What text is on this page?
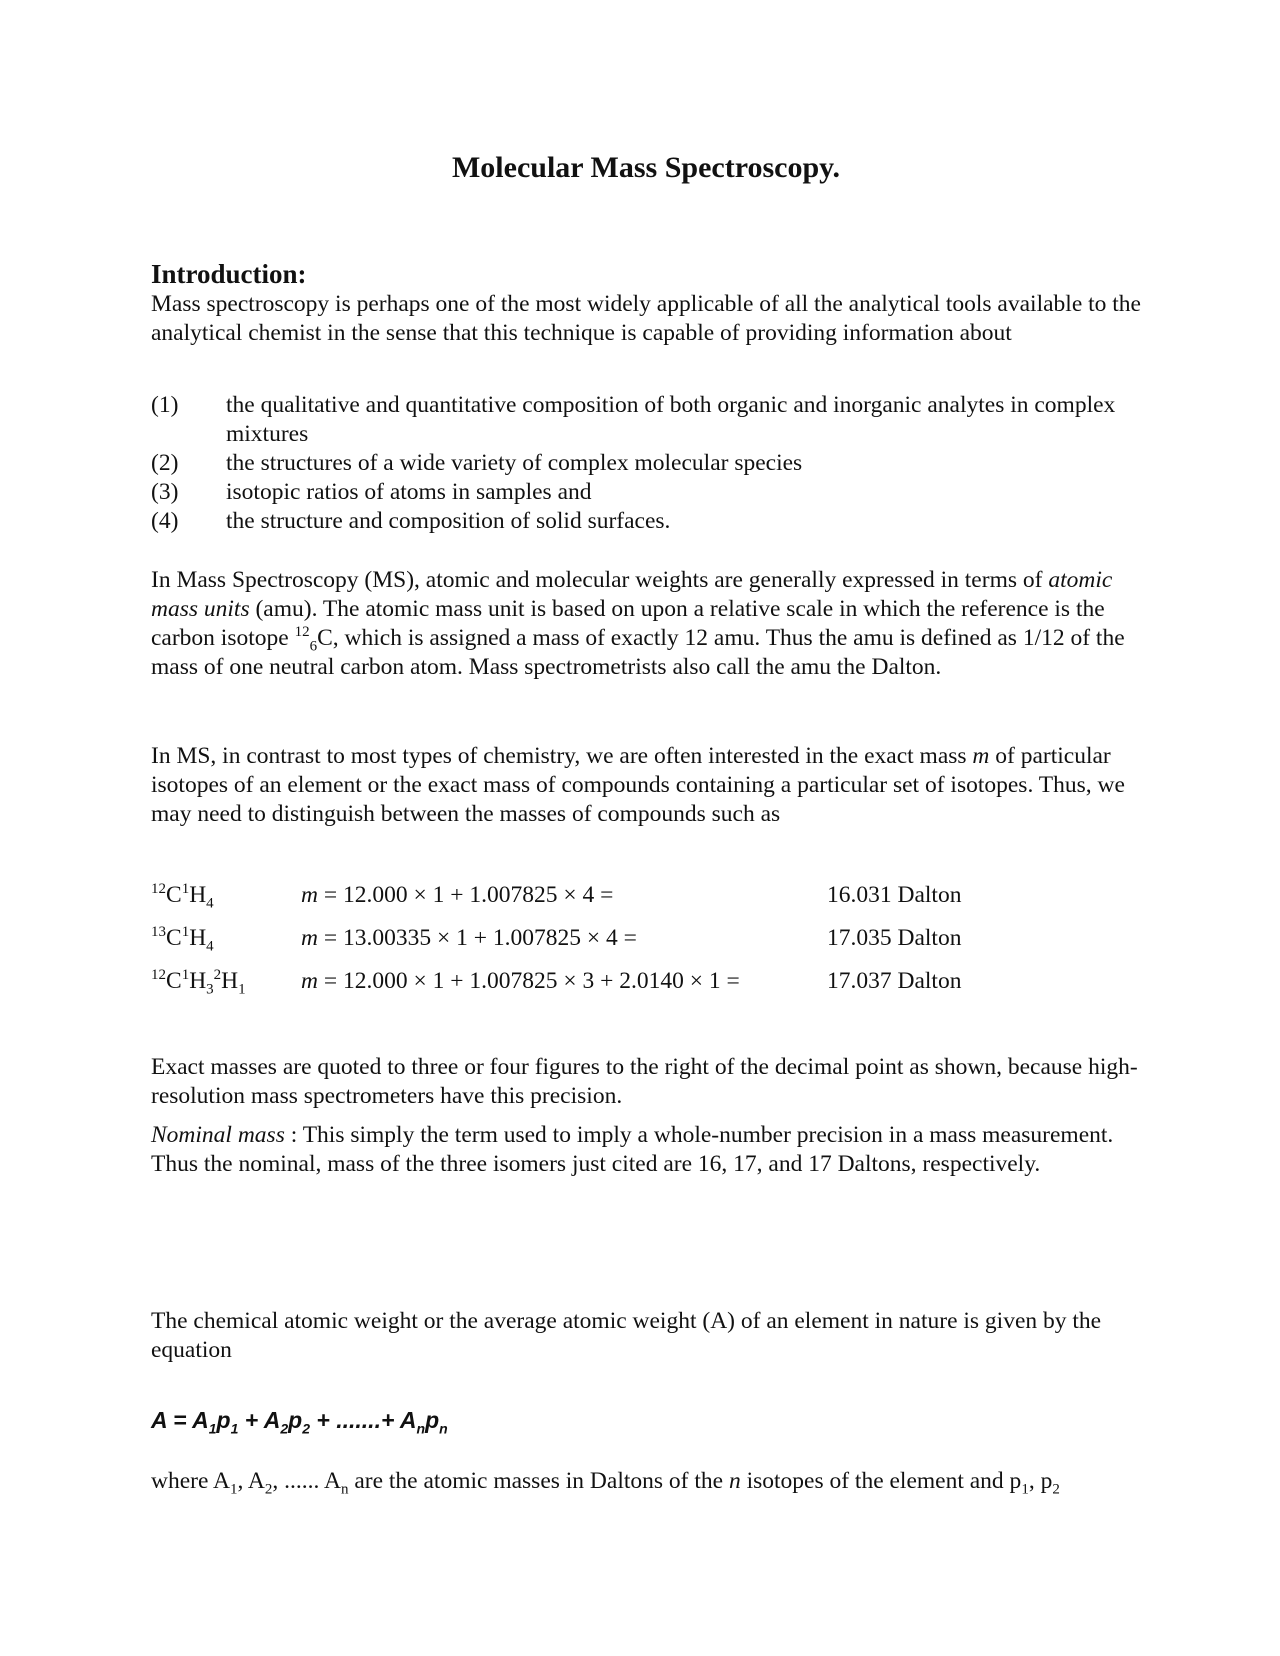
Molecular Mass Spectroscopy.
Introduction:

Mass spectroscopy is perhaps one of the most widely applicable of all the analytical tools available to the analytical chemist in the sense that this technique is capable of providing information about

(1)	the qualitative and quantitative composition of both organic and inorganic analytes in complex mixtures
(2)	the structures of a wide variety of complex molecular species
(3)	isotopic ratios of atoms in samples and
(4)	the structure and composition of solid surfaces.

In Mass Spectroscopy (MS), atomic and molecular weights are generally expressed in terms of atomic mass units (amu). The atomic mass unit is based on upon a relative scale in which the reference is the carbon isotope $^{12}_6$C, which is assigned a mass of exactly 12 amu. Thus the amu is defined as 1/12 of the mass of one neutral carbon atom. Mass spectrometrists also call the amu the Dalton.

In MS, in contrast to most types of chemistry, we are often interested in the exact mass m of particular isotopes of an element or the exact mass of compounds containing a particular set of isotopes. Thus, we may need to distinguish between the masses of compounds such as

$^{12}C^1H_4$	m = 12.000 × 1 + 1.007825 × 4 =	16.031 Dalton
$^{13}C^1H_4$	m = 13.00335 × 1 + 1.007825 × 4 =	17.035 Dalton
$^{12}C^1H_3^2H_1$ m = 12.000 × 1 + 1.007825 × 3 + 2.0140 × 1 =	17.037 Dalton

Exact masses are quoted to three or four figures to the right of the decimal point as shown, because high-resolution mass spectrometers have this precision.

Nominal mass : This simply the term used to imply a whole-number precision in a mass measurement. Thus the nominal, mass of the three isomers just cited are 16, 17, and 17 Daltons, respectively.

The chemical atomic weight or the average atomic weight (A) of an element in nature is given by the equation

$A = A_1p_1 + A_2p_2$ + .......+ $A_np_n$

where $A_1$, $A_2$, ...... $A_n$ are the atomic masses in Daltons of the n isotopes of the element and $p_1$, $p_2$
